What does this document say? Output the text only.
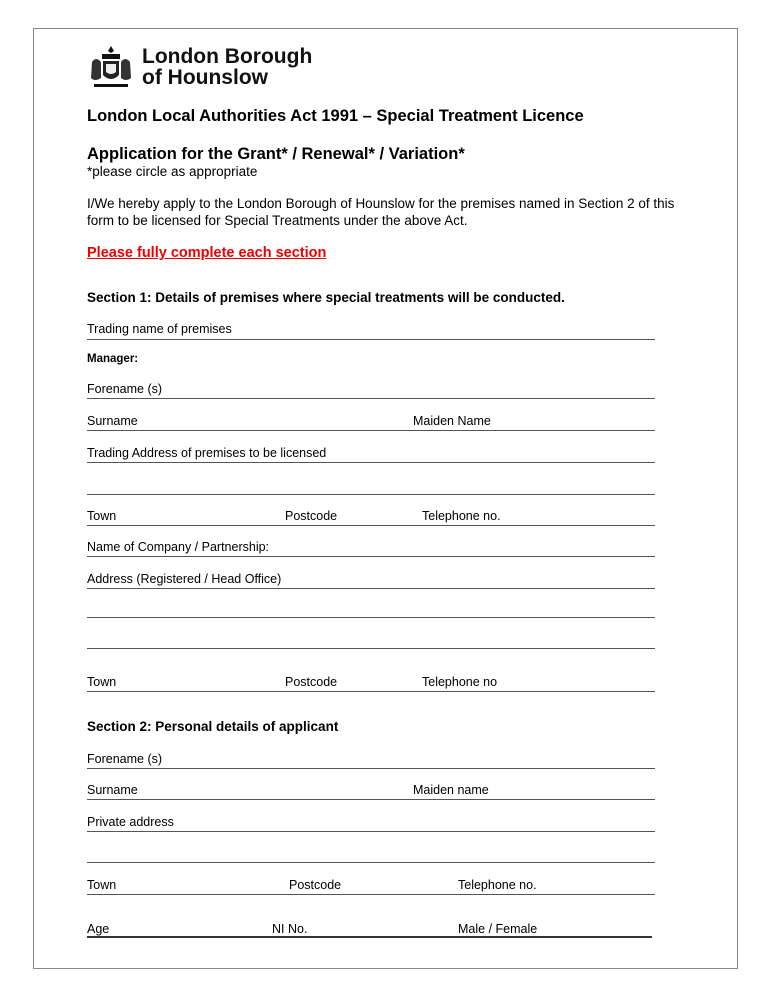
London Borough
of Hounslow
London Local Authorities Act 1991 – Special Treatment Licence
Application for the Grant* / Renewal* / Variation*
*please circle as appropriate
I/We hereby apply to the London Borough of Hounslow for the premises named in Section 2 of this form to be licensed for Special Treatments under the above Act.
Please fully complete each section
Section 1: Details of premises where special treatments will be conducted.
Trading name of premises
Manager:
Forename (s)
Surname	Maiden Name
Trading Address of premises to be licensed
Town	Postcode	Telephone no.
Name of Company / Partnership:
Address (Registered / Head Office)
Town	Postcode	Telephone no
Section 2: Personal details of applicant
Forename (s)
Surname	Maiden name
Private address
Town	Postcode	Telephone no.
Age	NI No.	Male / Female
